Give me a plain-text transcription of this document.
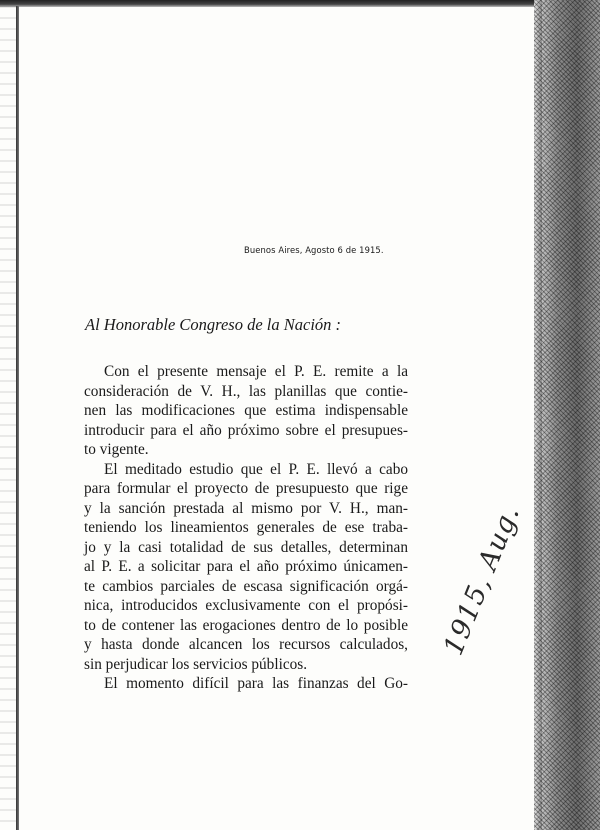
Buenos Aires, Agosto 6 de 1915.
Al Honorable Congreso de la Nación :
Con el presente mensaje el P. E. remite a la
consideración de V. H., las planillas que contie-
nen las modificaciones que estima indispensable
introducir para el año próximo sobre el presupues-
to vigente.
El meditado estudio que el P. E. llevó a cabo
para formular el proyecto de presupuesto que rige
y la sanción prestada al mismo por V. H., man-
teniendo los lineamientos generales de ese traba-
jo y la casi totalidad de sus detalles, determinan
al P. E. a solicitar para el año próximo únicamen-
te cambios parciales de escasa significación orgá-
nica, introducidos exclusivamente con el propósi-
to de contener las erogaciones dentro de lo posible
y hasta donde alcancen los recursos calculados,
sin perjudicar los servicios públicos.
El momento difícil para las finanzas del Go-
1915, Aug.
